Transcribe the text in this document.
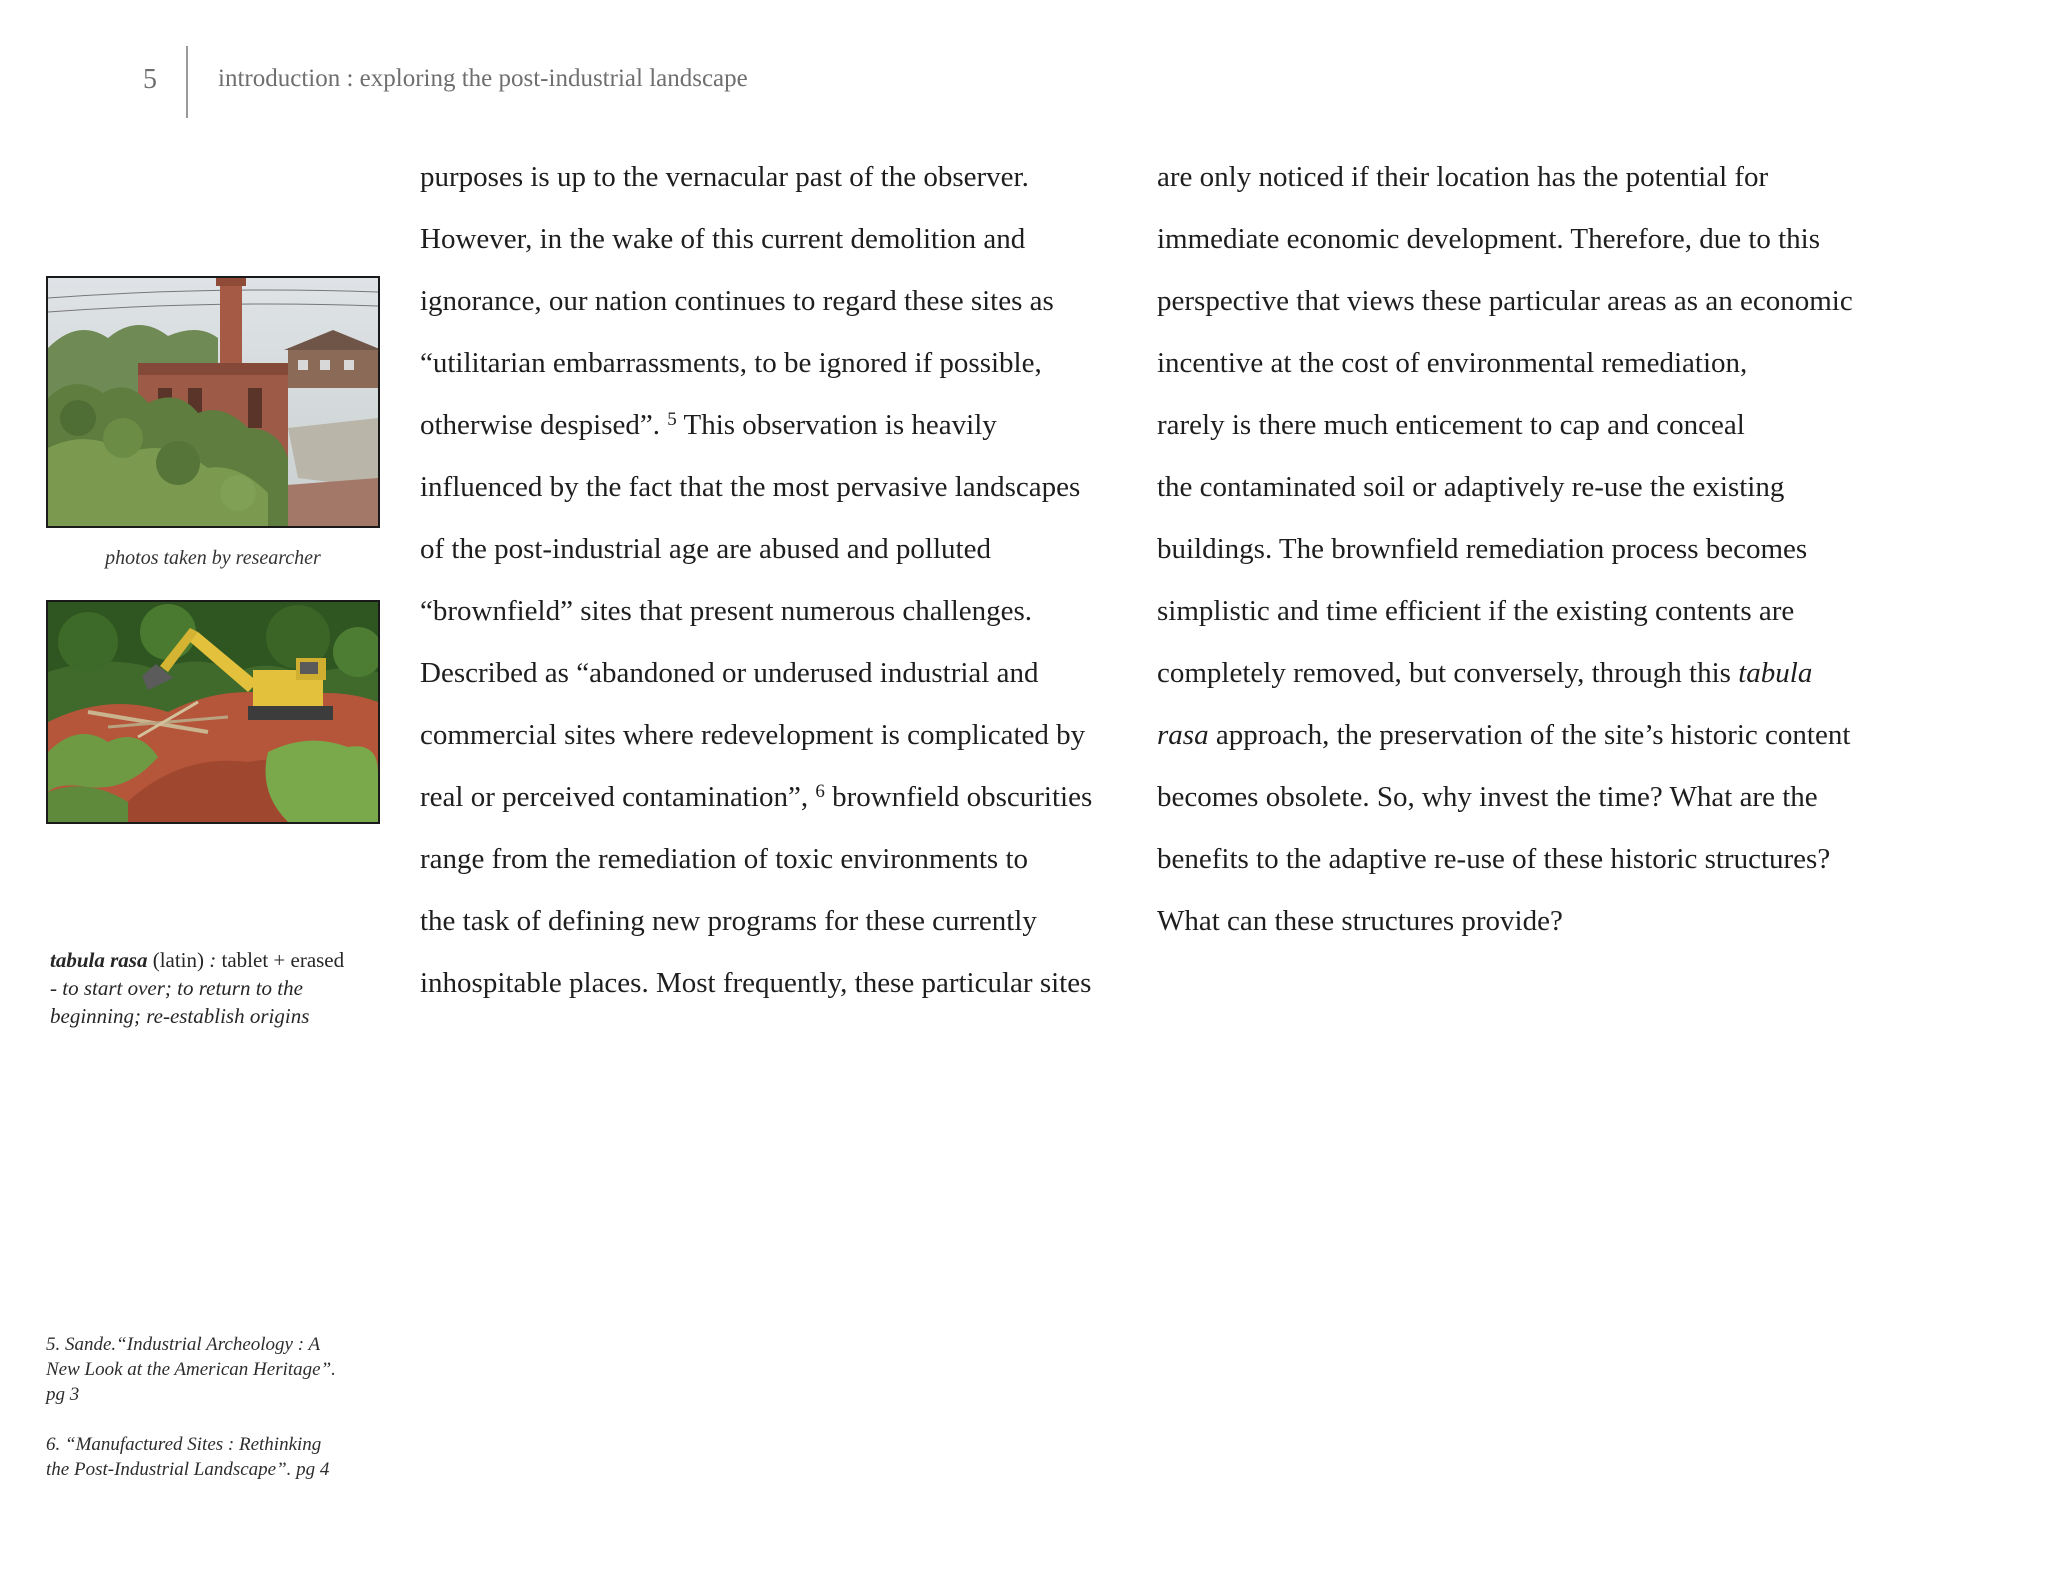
5	introduction : exploring the post-industrial landscape
photos taken by researcher
tabula rasa (latin) : tablet + erased
- to start over; to return to the
beginning; re-establish origins
5. Sande.“Industrial Archeology : A
New Look at the American Heritage”.
pg 3
6. “Manufactured Sites : Rethinking
the Post-Industrial Landscape”. pg 4
purposes is up to the vernacular past of the observer.
However, in the wake of this current demolition and
ignorance, our nation continues to regard these sites as
“utilitarian embarrassments, to be ignored if possible,
otherwise despised”. $^5$ This observation is heavily
influenced by the fact that the most pervasive landscapes
of the post-industrial age are abused and polluted
“brownfield” sites that present numerous challenges.
Described as “abandoned or underused industrial and
commercial sites where redevelopment is complicated by
real or perceived contamination”, $^6$ brownfield obscurities
range from the remediation of toxic environments to
the task of defining new programs for these currently
inhospitable places. Most frequently, these particular sites
are only noticed if their location has the potential for
immediate economic development. Therefore, due to this
perspective that views these particular areas as an economic
incentive at the cost of environmental remediation,
rarely is there much enticement to cap and conceal
the contaminated soil or adaptively re-use the existing
buildings. The brownfield remediation process becomes
simplistic and time efficient if the existing contents are
completely removed, but conversely, through this tabula
rasa approach, the preservation of the site’s historic content
becomes obsolete. So, why invest the time? What are the
benefits to the adaptive re-use of these historic structures?
What can these structures provide?
